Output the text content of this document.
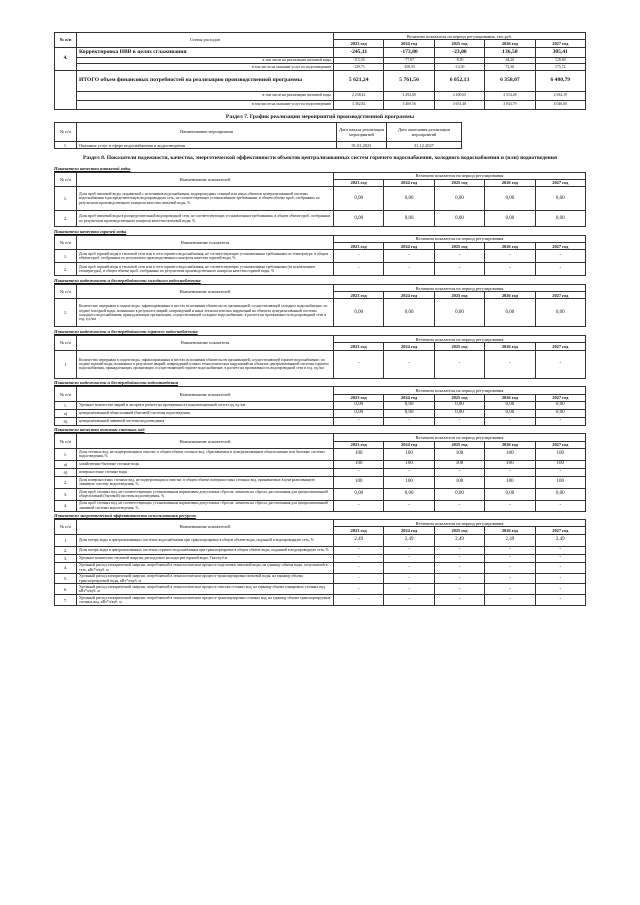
№ п/п	Статья расходов	Величина показателя на период регулирования, тыс.руб.				
		2023 год	2024 год	2025 год	2026 год	2027 год
4.	Корректировка НВВ в целях сглаживания	-245,11	-173,80	-23,00	136,50	305,41
	в том числе на реализацию питьевой воды	-115,38	-77,87	-8,50	64,20	129,69
	в том числе на оказание услуг по водоотведению	-129,73	-100,93	-14,50	72,30	175,72
	ИТОГО объем финансовых потребностей на реализацию производственной программы	5 621,24	5 761,56	6 052,13	6 358,07	6 480,79
	в том числе на реализацию питьевой воды	2 238,42	2 292,00	2 400,65	2 514,28	2 634,19
	в том числе на оказание услуг по водоотведению	3 382,82	3 469,56	3 651,48	3 843,79	4 046,60
Раздел 7. График реализации мероприятий производственной программы
№ п/п	Наименование мероприятия	Дата начала реализации мероприятий	Дата окончания реализации мероприятий	
1.	Оказание услуг в сфере водоснабжения и водоотведения	01.01.2023	31.12.2027	
Раздел 8. Показатели надежности, качества, энергетической эффективности объектов централизованных систем горячего водоснабжения, холодного водоснабжения и (или) водоотведения
Показатели качества питьевой воды
№ п/п	Наименование показателей	Величина показателя на период регулирования				
		2023 год	2024 год	2025 год	2026 год	2027 год
1.	Доля проб питьевой воды, подаваемой с источников водоснабжения, водопроводных станций или иных объектов централизованной системы водоснабжения в распределительную водопроводную сеть, не соответствующих установленным требованиям, в общем объеме проб, отобранных по результатам производственного контроля качества питьевой воды, %	0,00	0,00	0,00	0,00	0,00
2.	Доля проб питьевой воды в распределительной водопроводной сети, не соответствующих установленным требованиям, в общем объеме проб, отобранных по результатам производственного контроля качества питьевой воды, %	0,00	0,00	0,00	0,00	0,00
Показатели качества горячей воды
№ п/п	Наименование показателя	Величина показателя на период регулирования				
		2023 год	2024 год	2025 год	2026 год	2027 год
1.	Доля проб горячей воды в тепловой сети или в сети горячего водоснабжения, не соответствующих установленным требованиям по температуре, в общем объеме проб, отобранных по результатам производственного контроля качества горячей воды, %	-	-	-	-	-
2.	Доля проб горячей воды в тепловой сети или в сети горячего водоснабжения, не соответствующих установленным требованиям (за исключением температуры), в общем объеме проб, отобранных по результатам производственного контроля качества горячей воды, %	-	-	-	-	-
Показатели надежности и бесперебойности холодного водоснабжения
№ п/п	Наименование показателей	Величина показателя на период регулирования				
		2023 год	2024 год	2025 год	2026 год	2027 год
1.	Количество перерывов в подаче воды, зафиксированных в местах исполнения обязательств организацией, осуществляющей холодное водоснабжение, по подаче холодной воды, возникших в результате аварий, повреждений и иных технологических нарушений на объектах централизованной системы холодного водоснабжения, принадлежащих организации, осуществляющей холодное водоснабжение, в расчете на протяженность водопроводной сети в год, ед./км	0,00	0,00	0,00	0,00	0,00
Показатели надежности и бесперебойности горячего водоснабжения
№ п/п	Наименование показателя	Величина показателя на период регулирования				
		2023 год	2024 год	2025 год	2026 год	2027 год
1	Количество перерывов в подаче воды, зафиксированных в местах исполнения обязательств организацией, осуществляющей горячее водоснабжение, по подаче горячей воды, возникших в результате аварий, повреждений и иных технологических нарушений на объектах централизованной системы горячего водоснабжения, принадлежащих организации, осуществляющей горячее водоснабжение, в расчете на протяженность водопроводной сети в год, ед./км	-	-	-	-	-
Показатели надежности и бесперебойности водоотведения
№ п/п	Наименование показателей	Величина показателя на период регулирования				
		2023 год	2024 год	2025 год	2026 год	2027 год
1.	Удельное количество аварий и засоров в расчете на протяженность канализационной сети в год, ед./км	0,00	0,00	0,00	0,00	0,00
а)	централизованной общесплавной (бытовой) системы водоотведения	0,00	0,00	0,00	0,00	0,00
б)	централизованной ливневой системы водоотведения	-	-	-	-	-
Показатели качества очистки сточных вод
№ п/п	Наименование показателей	Величина показателя на период регулирования				
		2023 год	2024 год	2025 год	2026 год	2027 год
1.	Доля сточных вод, не подвергающихся очистке, в общем объеме сточных вод, сбрасываемых в централизованные общесплавные или бытовые системы водоотведения, %	100	100	100	100	100
а)	хозяйственно-бытовые сточные воды	100	100	100	100	100
б)	поверхностные сточные воды	-	-	-	-	-
2.	Доля поверхностных сточных вод, не подвергающихся очистке, в общем объеме поверхностных сточных вод, принимаемых в централизованную ливневую систему водоотведения, %	100	100	100	100	100
3.	Доля проб сточных вод, не соответствующих установленным нормативам допустимых сбросов, лимитам на сбросы, рассчитанная для централизованной общесплавной (бытовой) системы водоотведения, %	0,00	0,00	0,00	0,00	0,00
4.	Доля проб сточных вод, не соответствующих установленным нормативам допустимых сбросов, лимитам на сбросы, рассчитанная для централизованной ливневой системы водоотведения, %	-	-	-	-	-
Показатели энергетической эффективности использования ресурсов
№ п/п	Наименование показателей	Величина показателя на период регулирования				
		2023 год	2024 год	2025 год	2026 год	2027 год
1	Доля потерь воды в централизованных системах водоснабжения при транспортировке в общем объеме воды, поданной в водопроводную сеть, %	2,49	2,49	2,49	2,49	2,49
2.	Доля потерь воды в централизованных системах горячего водоснабжения при транспортировке в общем объеме воды, поданной в водопроводную сеть, %	-	-	-	-	-
3.	Удельное количество тепловой энергии, расходуемое на подогрев горячей воды, Гкал/куб.м	-	-	-	-	-
4.	Удельный расход электрической энергии, потребляемой в технологическом процессе подготовки питьевой воды, на единицу объема воды, отпускаемой в сеть, кВт*ч/куб. м	-	-	-	-	-
5.	Удельный расход электрической энергии, потребляемой в технологическом процессе транспортировки питьевой воды, на единицу объема транспортируемой воды, кВт*ч/куб. м	-	-	-	-	-
6.	Удельный расход электрической энергии, потребляемой в технологическом процессе очистки сточных вод, на единицу объема очищаемых сточных вод, кВт*ч/куб. м	-	-	-	-	-
7.	Удельный расход электрической энергии, потребляемой в технологическом процессе транспортировки сточных вод, на единицу объема транспортируемых сточных вод, кВт*ч/куб. м	-	-	-	-	-
